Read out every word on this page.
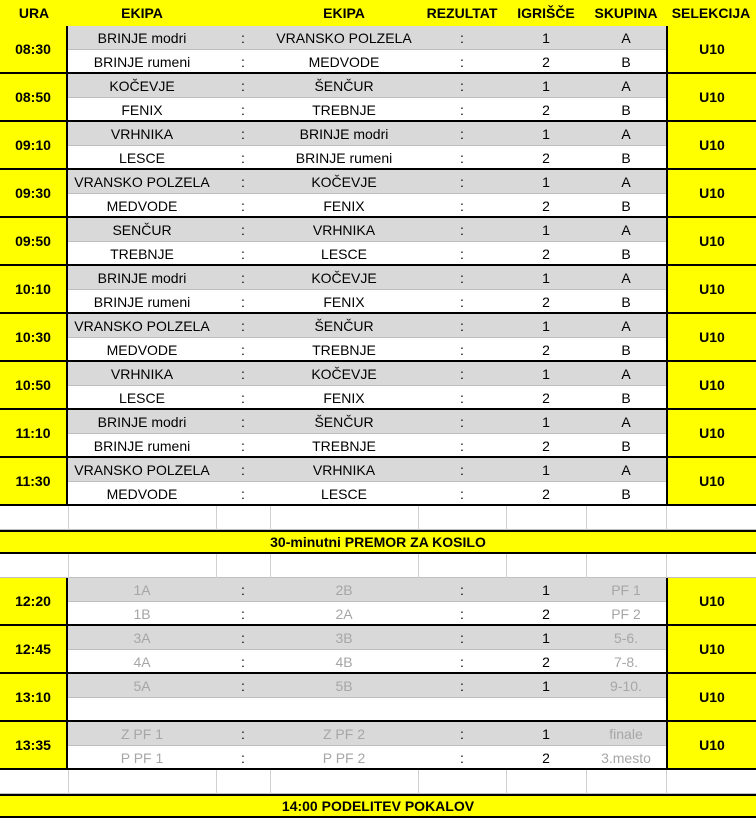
URA	EKIPA	EKIPA	REZULTAT	IGRIŠČE	SKUPINA	SELEKCIJA
08:30
BRINJE modri	:	VRANSKO POLZELA	:	1	A
BRINJE rumeni	:	MEDVODE	:	2	B
U10
08:50
KOČEVJE	:	ŠENČUR	:	1	A
FENIX	:	TREBNJE	:	2	B
U10
09:10
VRHNIKA	:	BRINJE modri	:	1	A
LESCE	:	BRINJE rumeni	:	2	B
U10
09:30
VRANSKO POLZELA	:	KOČEVJE	:	1	A
MEDVODE	:	FENIX	:	2	B
U10
09:50
SENČUR	:	VRHNIKA	:	1	A
TREBNJE	:	LESCE	:	2	B
U10
10:10
BRINJE modri	:	KOČEVJE	:	1	A
BRINJE rumeni	:	FENIX	:	2	B
U10
10:30
VRANSKO POLZELA	:	ŠENČUR	:	1	A
MEDVODE	:	TREBNJE	:	2	B
U10
10:50
VRHNIKA	:	KOČEVJE	:	1	A
LESCE	:	FENIX	:	2	B
U10
11:10
BRINJE modri	:	ŠENČUR	:	1	A
BRINJE rumeni	:	TREBNJE	:	2	B
U10
11:30
VRANSKO POLZELA	:	VRHNIKA	:	1	A
MEDVODE	:	LESCE	:	2	B
U10
30-minutni PREMOR ZA KOSILO
12:20
1A	:	2B	:	1	PF 1
1B	:	2A	:	2	PF 2
U10
12:45
3A	:	3B	:	1	5-6.
4A	:	4B	:	2	7-8.
U10
13:10
5A	:	5B	:	1	9-10.
U10
13:35
Z PF 1	:	Z PF 2	:	1	finale
P PF 1	:	P PF 2	:	2	3.mesto
U10
14:00 PODELITEV POKALOV
